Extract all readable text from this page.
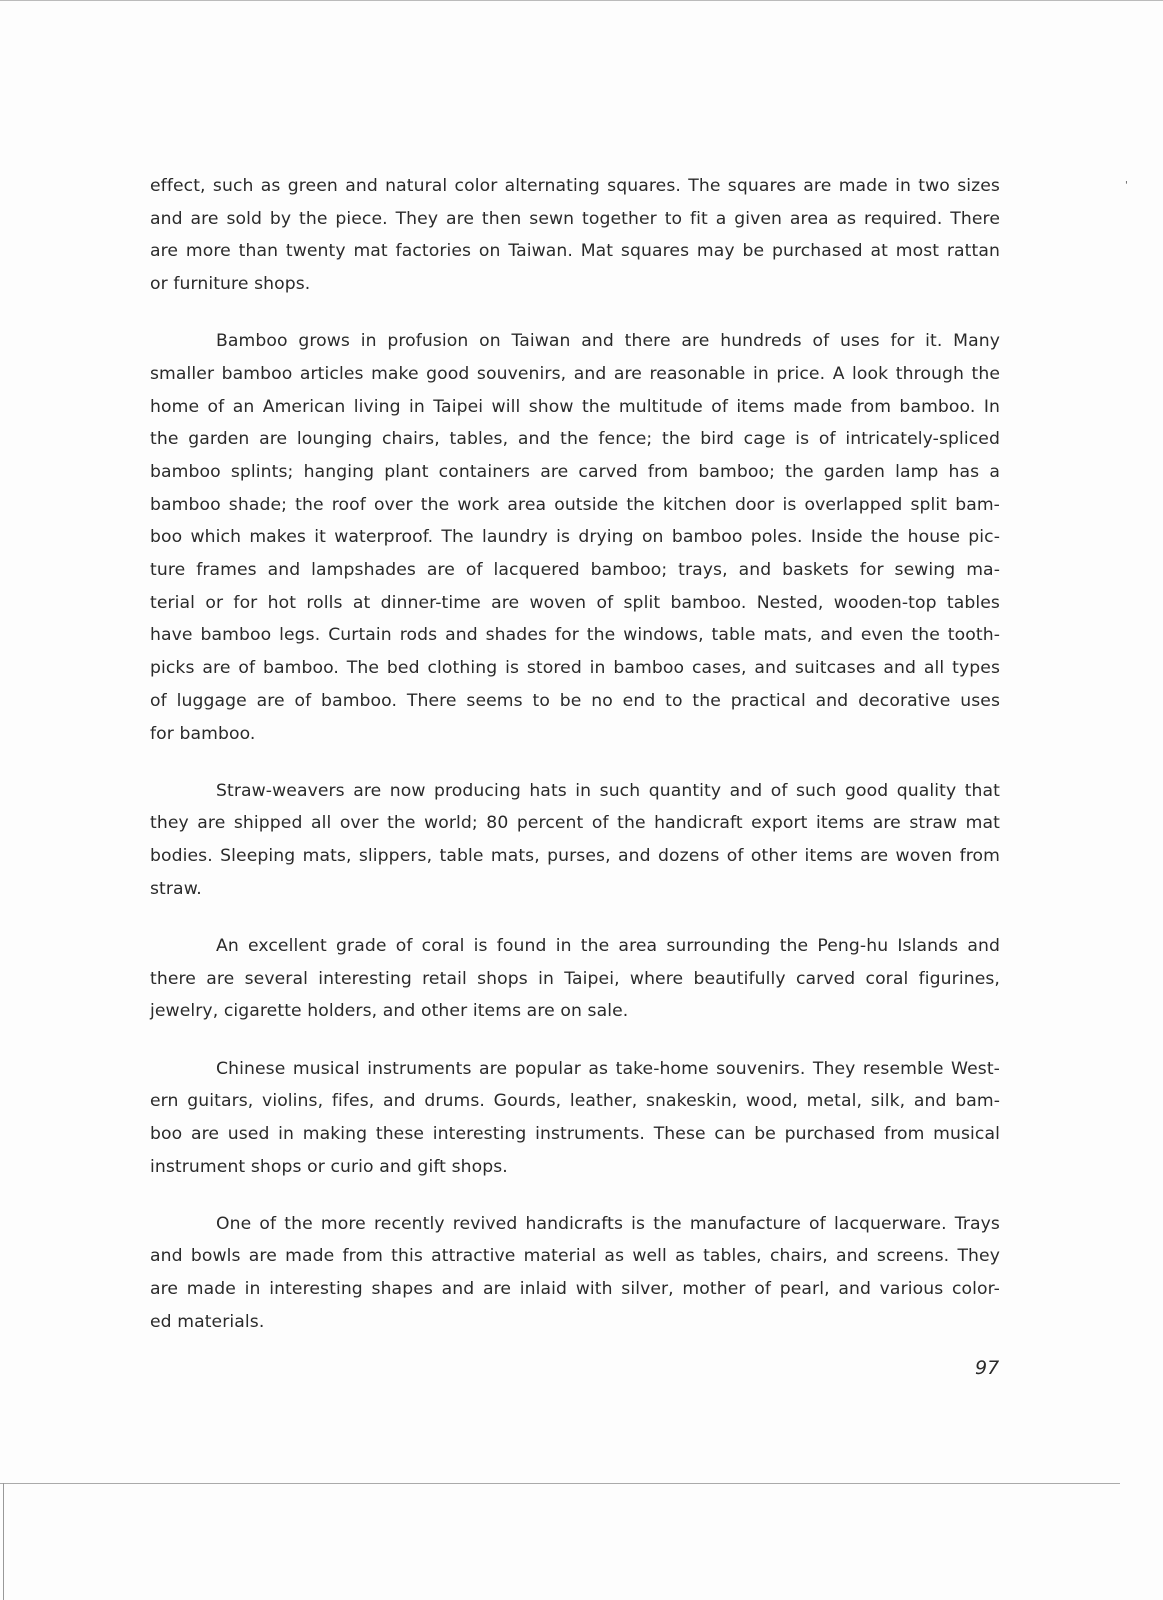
'
effect, such as green and natural color alternating squares. The squares are made in two sizes
and are sold by the piece. They are then sewn together to fit a given area as required. There
are more than twenty mat factories on Taiwan. Mat squares may be purchased at most rattan
or furniture shops.
Bamboo grows in profusion on Taiwan and there are hundreds of uses for it. Many
smaller bamboo articles make good souvenirs, and are reasonable in price. A look through the
home of an American living in Taipei will show the multitude of items made from bamboo. In
the garden are lounging chairs, tables, and the fence; the bird cage is of intricately-spliced
bamboo splints; hanging plant containers are carved from bamboo; the garden lamp has a
bamboo shade; the roof over the work area outside the kitchen door is overlapped split bam-
boo which makes it waterproof. The laundry is drying on bamboo poles. Inside the house pic-
ture frames and lampshades are of lacquered bamboo; trays, and baskets for sewing ma-
terial or for hot rolls at dinner-time are woven of split bamboo. Nested, wooden-top tables
have bamboo legs. Curtain rods and shades for the windows, table mats, and even the tooth-
picks are of bamboo. The bed clothing is stored in bamboo cases, and suitcases and all types
of luggage are of bamboo. There seems to be no end to the practical and decorative uses
for bamboo.
Straw-weavers are now producing hats in such quantity and of such good quality that
they are shipped all over the world; 80 percent of the handicraft export items are straw mat
bodies. Sleeping mats, slippers, table mats, purses, and dozens of other items are woven from
straw.
An excellent grade of coral is found in the area surrounding the Peng-hu Islands and
there are several interesting retail shops in Taipei, where beautifully carved coral figurines,
jewelry, cigarette holders, and other items are on sale.
Chinese musical instruments are popular as take-home souvenirs. They resemble West-
ern guitars, violins, fifes, and drums. Gourds, leather, snakeskin, wood, metal, silk, and bam-
boo are used in making these interesting instruments. These can be purchased from musical
instrument shops or curio and gift shops.
One of the more recently revived handicrafts is the manufacture of lacquerware. Trays
and bowls are made from this attractive material as well as tables, chairs, and screens. They
are made in interesting shapes and are inlaid with silver, mother of pearl, and various color-
ed materials.
97
